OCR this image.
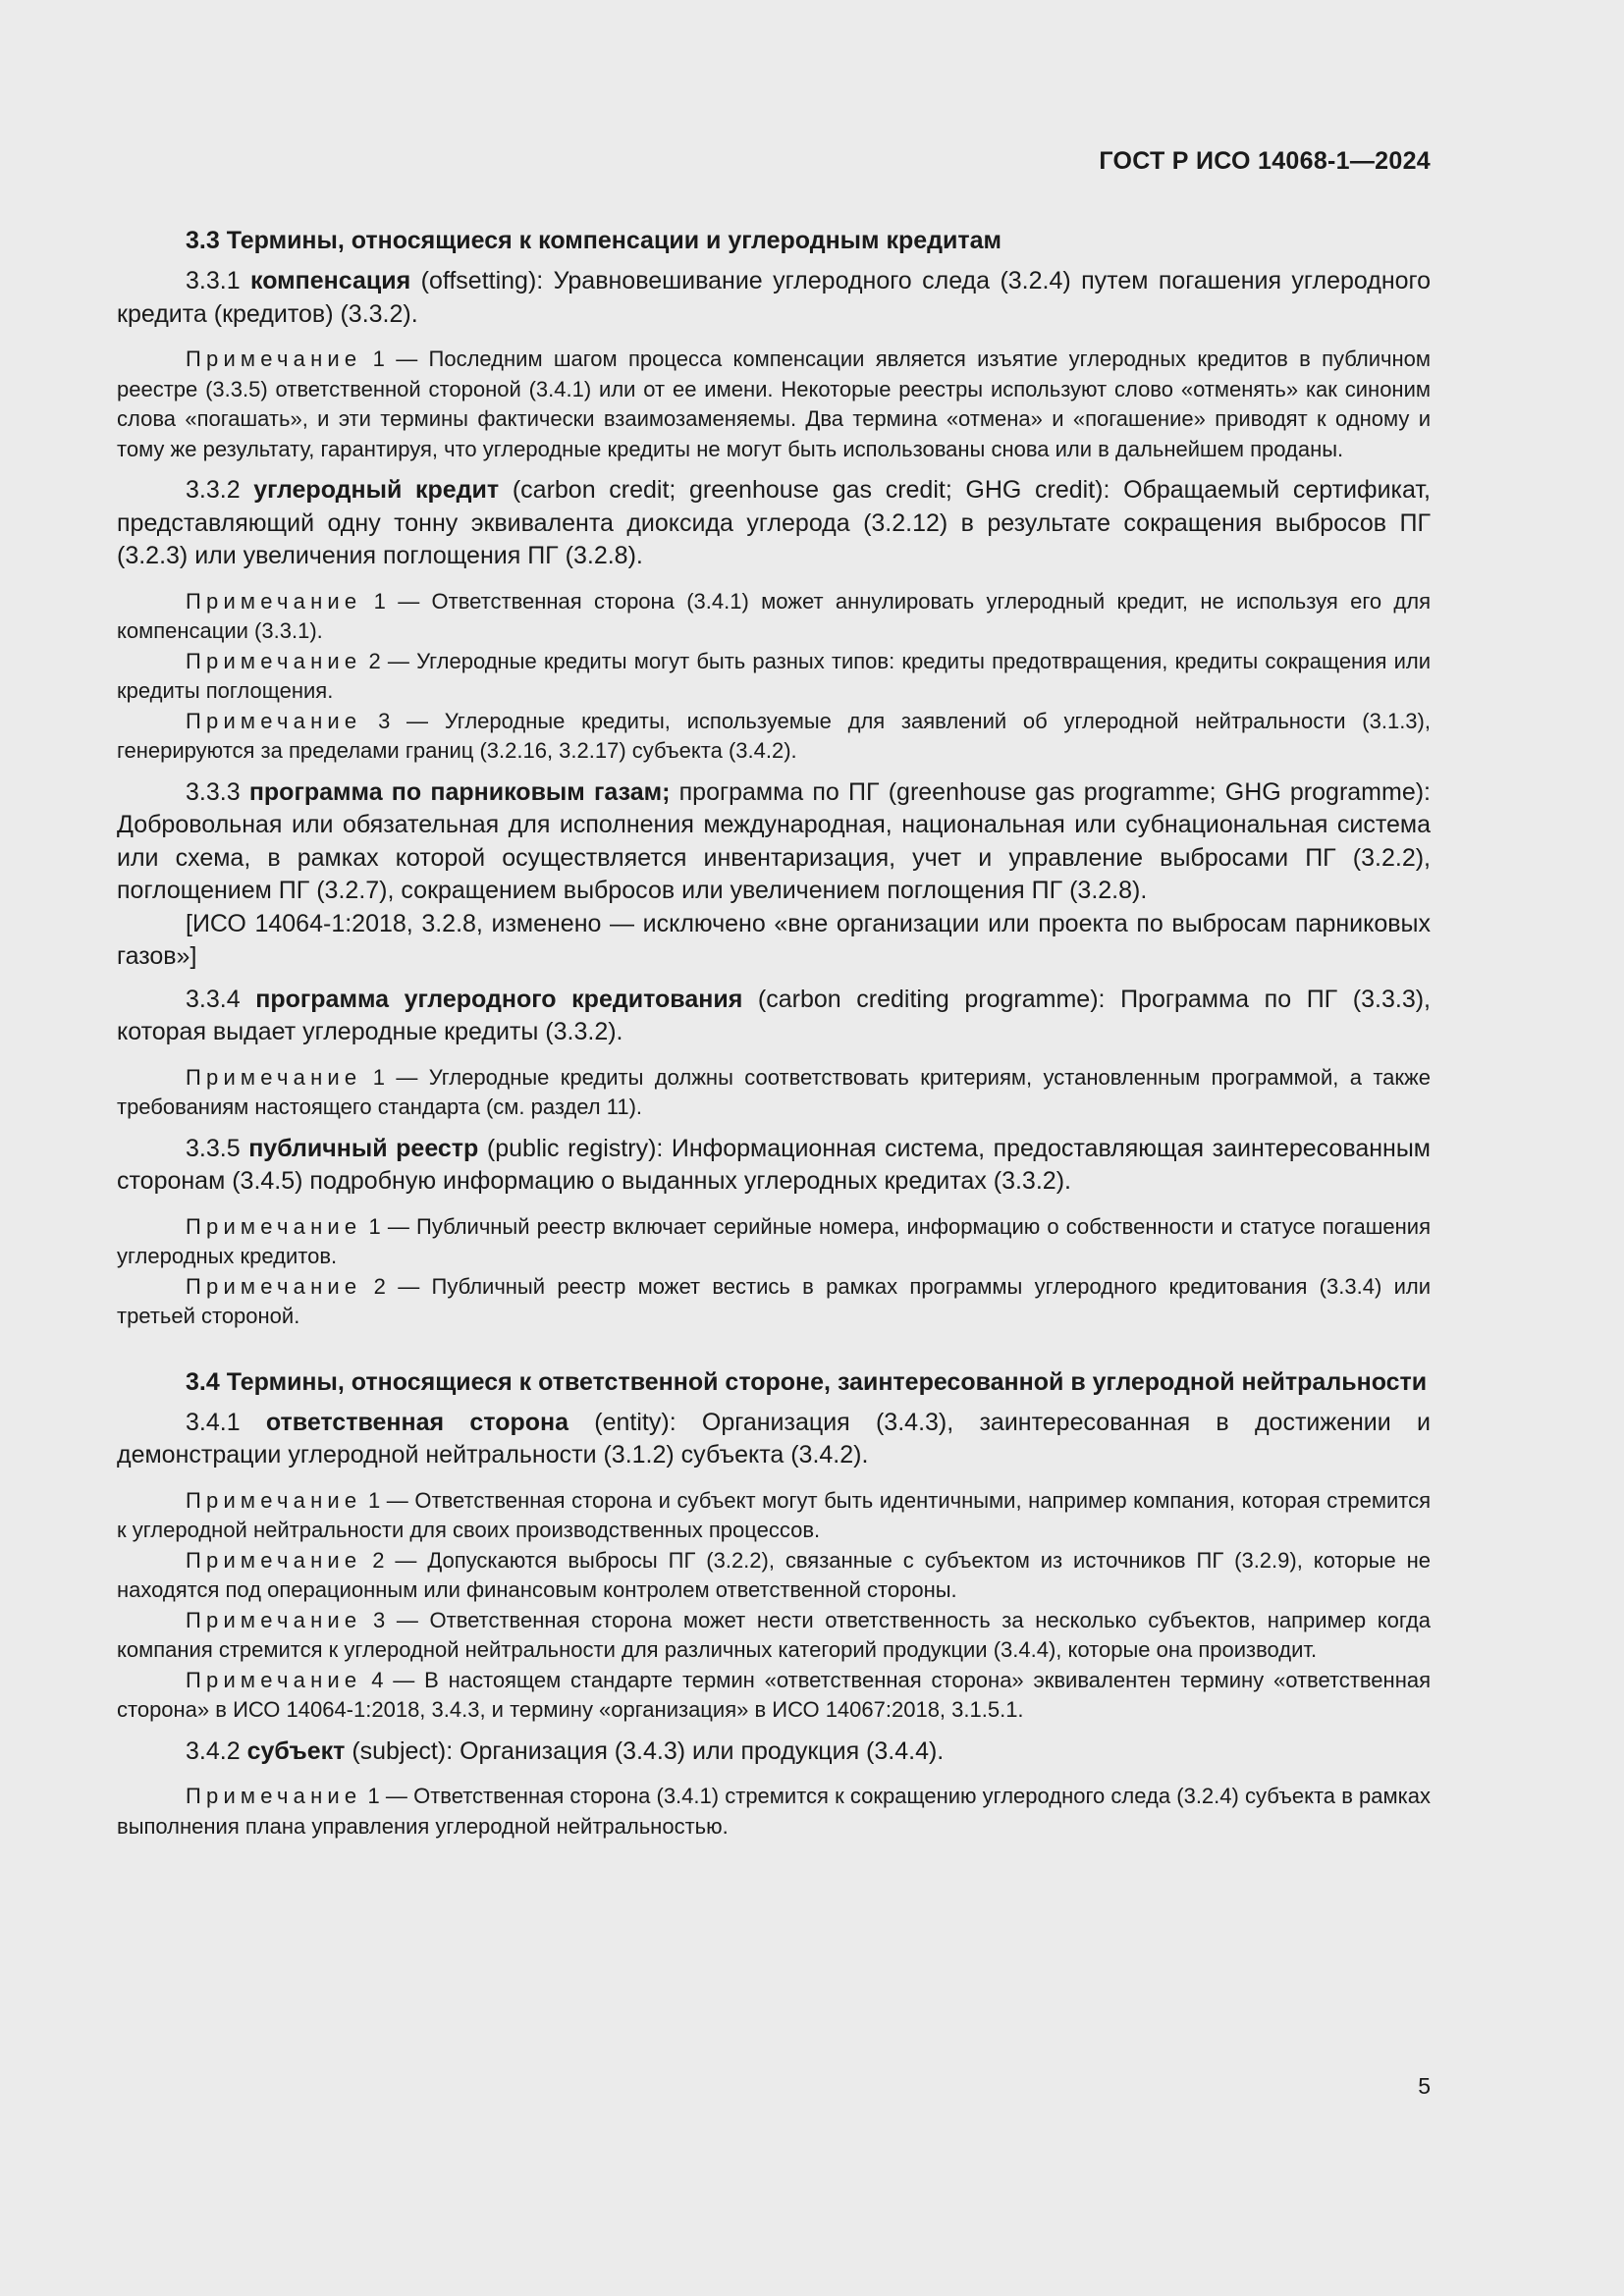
ГОСТ Р ИСО 14068-1—2024
3.3 Термины, относящиеся к компенсации и углеродным кредитам

3.3.1 компенсация (offsetting): Уравновешивание углеродного следа (3.2.4) путем погашения углеродного кредита (кредитов) (3.3.2).

Примечание 1 — Последним шагом процесса компенсации является изъятие углеродных кредитов в публичном реестре (3.3.5) ответственной стороной (3.4.1) или от ее имени. Некоторые реестры используют слово «отменять» как синоним слова «погашать», и эти термины фактически взаимозаменяемы. Два термина «отмена» и «погашение» приводят к одному и тому же результату, гарантируя, что углеродные кредиты не могут быть использованы снова или в дальнейшем проданы.

3.3.2 углеродный кредит (carbon credit; greenhouse gas credit; GHG credit): Обращаемый сертификат, представляющий одну тонну эквивалента диоксида углерода (3.2.12) в результате сокращения выбросов ПГ (3.2.3) или увеличения поглощения ПГ (3.2.8).

Примечание 1 — Ответственная сторона (3.4.1) может аннулировать углеродный кредит, не используя его для компенсации (3.3.1).

Примечание 2 — Углеродные кредиты могут быть разных типов: кредиты предотвращения, кредиты сокращения или кредиты поглощения.

Примечание 3 — Углеродные кредиты, используемые для заявлений об углеродной нейтральности (3.1.3), генерируются за пределами границ (3.2.16, 3.2.17) субъекта (3.4.2).

3.3.3 программа по парниковым газам; программа по ПГ (greenhouse gas programme; GHG programme): Добровольная или обязательная для исполнения международная, национальная или субнациональная система или схема, в рамках которой осуществляется инвентаризация, учет и управление выбросами ПГ (3.2.2), поглощением ПГ (3.2.7), сокращением выбросов или увеличением поглощения ПГ (3.2.8).

[ИСО 14064-1:2018, 3.2.8, изменено — исключено «вне организации или проекта по выбросам парниковых газов»]

3.3.4 программа углеродного кредитования (carbon crediting programme): Программа по ПГ (3.3.3), которая выдает углеродные кредиты (3.3.2).

Примечание 1 — Углеродные кредиты должны соответствовать критериям, установленным программой, а также требованиям настоящего стандарта (см. раздел 11).

3.3.5 публичный реестр (public registry): Информационная система, предоставляющая заинтересованным сторонам (3.4.5) подробную информацию о выданных углеродных кредитах (3.3.2).

Примечание 1 — Публичный реестр включает серийные номера, информацию о собственности и статусе погашения углеродных кредитов.

Примечание 2 — Публичный реестр может вестись в рамках программы углеродного кредитования (3.3.4) или третьей стороной.

3.4 Термины, относящиеся к ответственной стороне, заинтересованной в углеродной нейтральности

3.4.1 ответственная сторона (entity): Организация (3.4.3), заинтересованная в достижении и демонстрации углеродной нейтральности (3.1.2) субъекта (3.4.2).

Примечание 1 — Ответственная сторона и субъект могут быть идентичными, например компания, которая стремится к углеродной нейтральности для своих производственных процессов.

Примечание 2 — Допускаются выбросы ПГ (3.2.2), связанные с субъектом из источников ПГ (3.2.9), которые не находятся под операционным или финансовым контролем ответственной стороны.

Примечание 3 — Ответственная сторона может нести ответственность за несколько субъектов, например когда компания стремится к углеродной нейтральности для различных категорий продукции (3.4.4), которые она производит.

Примечание 4 — В настоящем стандарте термин «ответственная сторона» эквивалентен термину «ответственная сторона» в ИСО 14064-1:2018, 3.4.3, и термину «организация» в ИСО 14067:2018, 3.1.5.1.

3.4.2 субъект (subject): Организация (3.4.3) или продукция (3.4.4).

Примечание 1 — Ответственная сторона (3.4.1) стремится к сокращению углеродного следа (3.2.4) субъекта в рамках выполнения плана управления углеродной нейтральностью.

5
